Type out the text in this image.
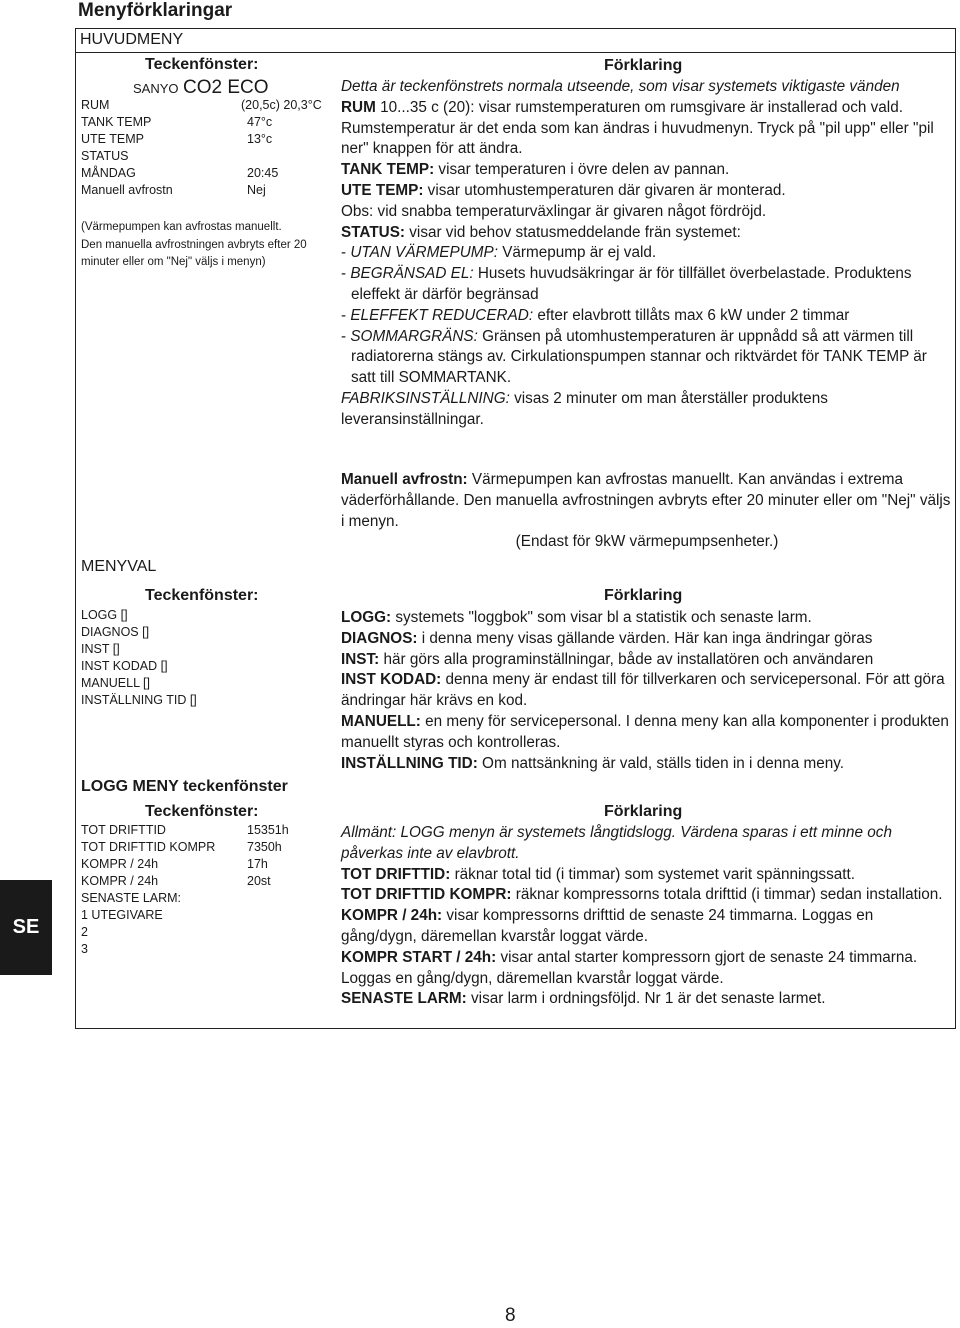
Menyförklaringar
HUVUDMENY
Teckenfönster:
SANYO CO2 ECO
RUM	(20,5c) 20,3°C
TANK TEMP	47°c
UTE TEMP	13°c
STATUS
MÅNDAG	20:45
Manuell avfrostn	Nej
(Värmepumpen kan avfrostas manuellt.
Den manuella avfrostningen avbryts efter 20
minuter eller om "Nej" väljs i menyn)
Förklaring

Detta är teckenfönstrets normala utseende, som visar systemets viktigaste vänden

RUM 10...35 c (20): visar rumstemperaturen om rumsgivare är installerad och vald. Rumstemperatur är det enda som kan ändras i huvudmenyn. Tryck på "pil upp" eller "pil ner" knappen för att ändra.

TANK TEMP: visar temperaturen i övre delen av pannan.

UTE TEMP: visar utomhustemperaturen där givaren är monterad.

Obs: vid snabba temperaturväxlingar är givaren något fördröjd.

STATUS: visar vid behov statusmeddelande frän systemet:

- UTAN VÄRMEPUMP: Värmepump är ej vald.

- BEGRÄNSAD EL: Husets huvudsäkringar är för tillfället överbelastade. Produktens eleffekt är därför begränsad

- ELEFFEKT REDUCERAD: efter elavbrott tillåts max 6 kW under 2 timmar

- SOMMARGRÄNS: Gränsen på utomhustemperaturen är uppnådd så att värmen till radiatorerna stängs av. Cirkulationspumpen stannar och riktvärdet för TANK TEMP är satt till SOMMARTANK.

FABRIKSINSTÄLLNING: visas 2 minuter om man återställer produktens leveransinställningar.

Manuell avfrostn: Värmepumpen kan avfrostas manuellt. Kan användas i extrema väderförhållande. Den manuella avfrostningen avbryts efter 20 minuter eller om "Nej" väljs i menyn.

(Endast för 9kW värmepumpsenheter.)

MENYVAL
Teckenfönster:
LOGG []
DIAGNOS []
INST []
INST KODAD []
MANUELL []
INSTÄLLNING TID []
Förklaring

LOGG: systemets "loggbok" som visar bl a statistik och senaste larm.

DIAGNOS: i denna meny visas gällande värden. Här kan inga ändringar göras

INST: här görs alla programinställningar, både av installatören och användaren

INST KODAD: denna meny är endast till för tillverkaren och servicepersonal. För att göra ändringar här krävs en kod.

MANUELL: en meny för servicepersonal. I denna meny kan alla komponenter i produkten manuellt styras och kontrolleras.

INSTÄLLNING TID: Om nattsänkning är vald, ställs tiden in i denna meny.

LOGG MENY teckenfönster
Teckenfönster:
TOT DRIFTTID	15351h
TOT DRIFTTID KOMPR	7350h
KOMPR / 24h	17h
KOMPR / 24h	20st
SENASTE LARM:
1 UTEGIVARE
2
3
Förklaring

Allmänt: LOGG menyn är systemets långtidslogg. Värdena sparas i ett minne och påverkas inte av elavbrott.

TOT DRIFTTID: räknar total tid (i timmar) som systemet varit spänningssatt.

TOT DRIFTTID KOMPR: räknar kompressorns totala drifttid (i timmar) sedan installation.

KOMPR / 24h: visar kompressorns drifttid de senaste 24 timmarna. Loggas en gång/dygn, däremellan kvarstår loggat värde.

KOMPR START / 24h: visar antal starter kompressorn gjort de senaste 24 timmarna. Loggas en gång/dygn, däremellan kvarstår loggat värde.

SENASTE LARM: visar larm i ordningsföljd. Nr 1 är det senaste larmet.

SE
8
